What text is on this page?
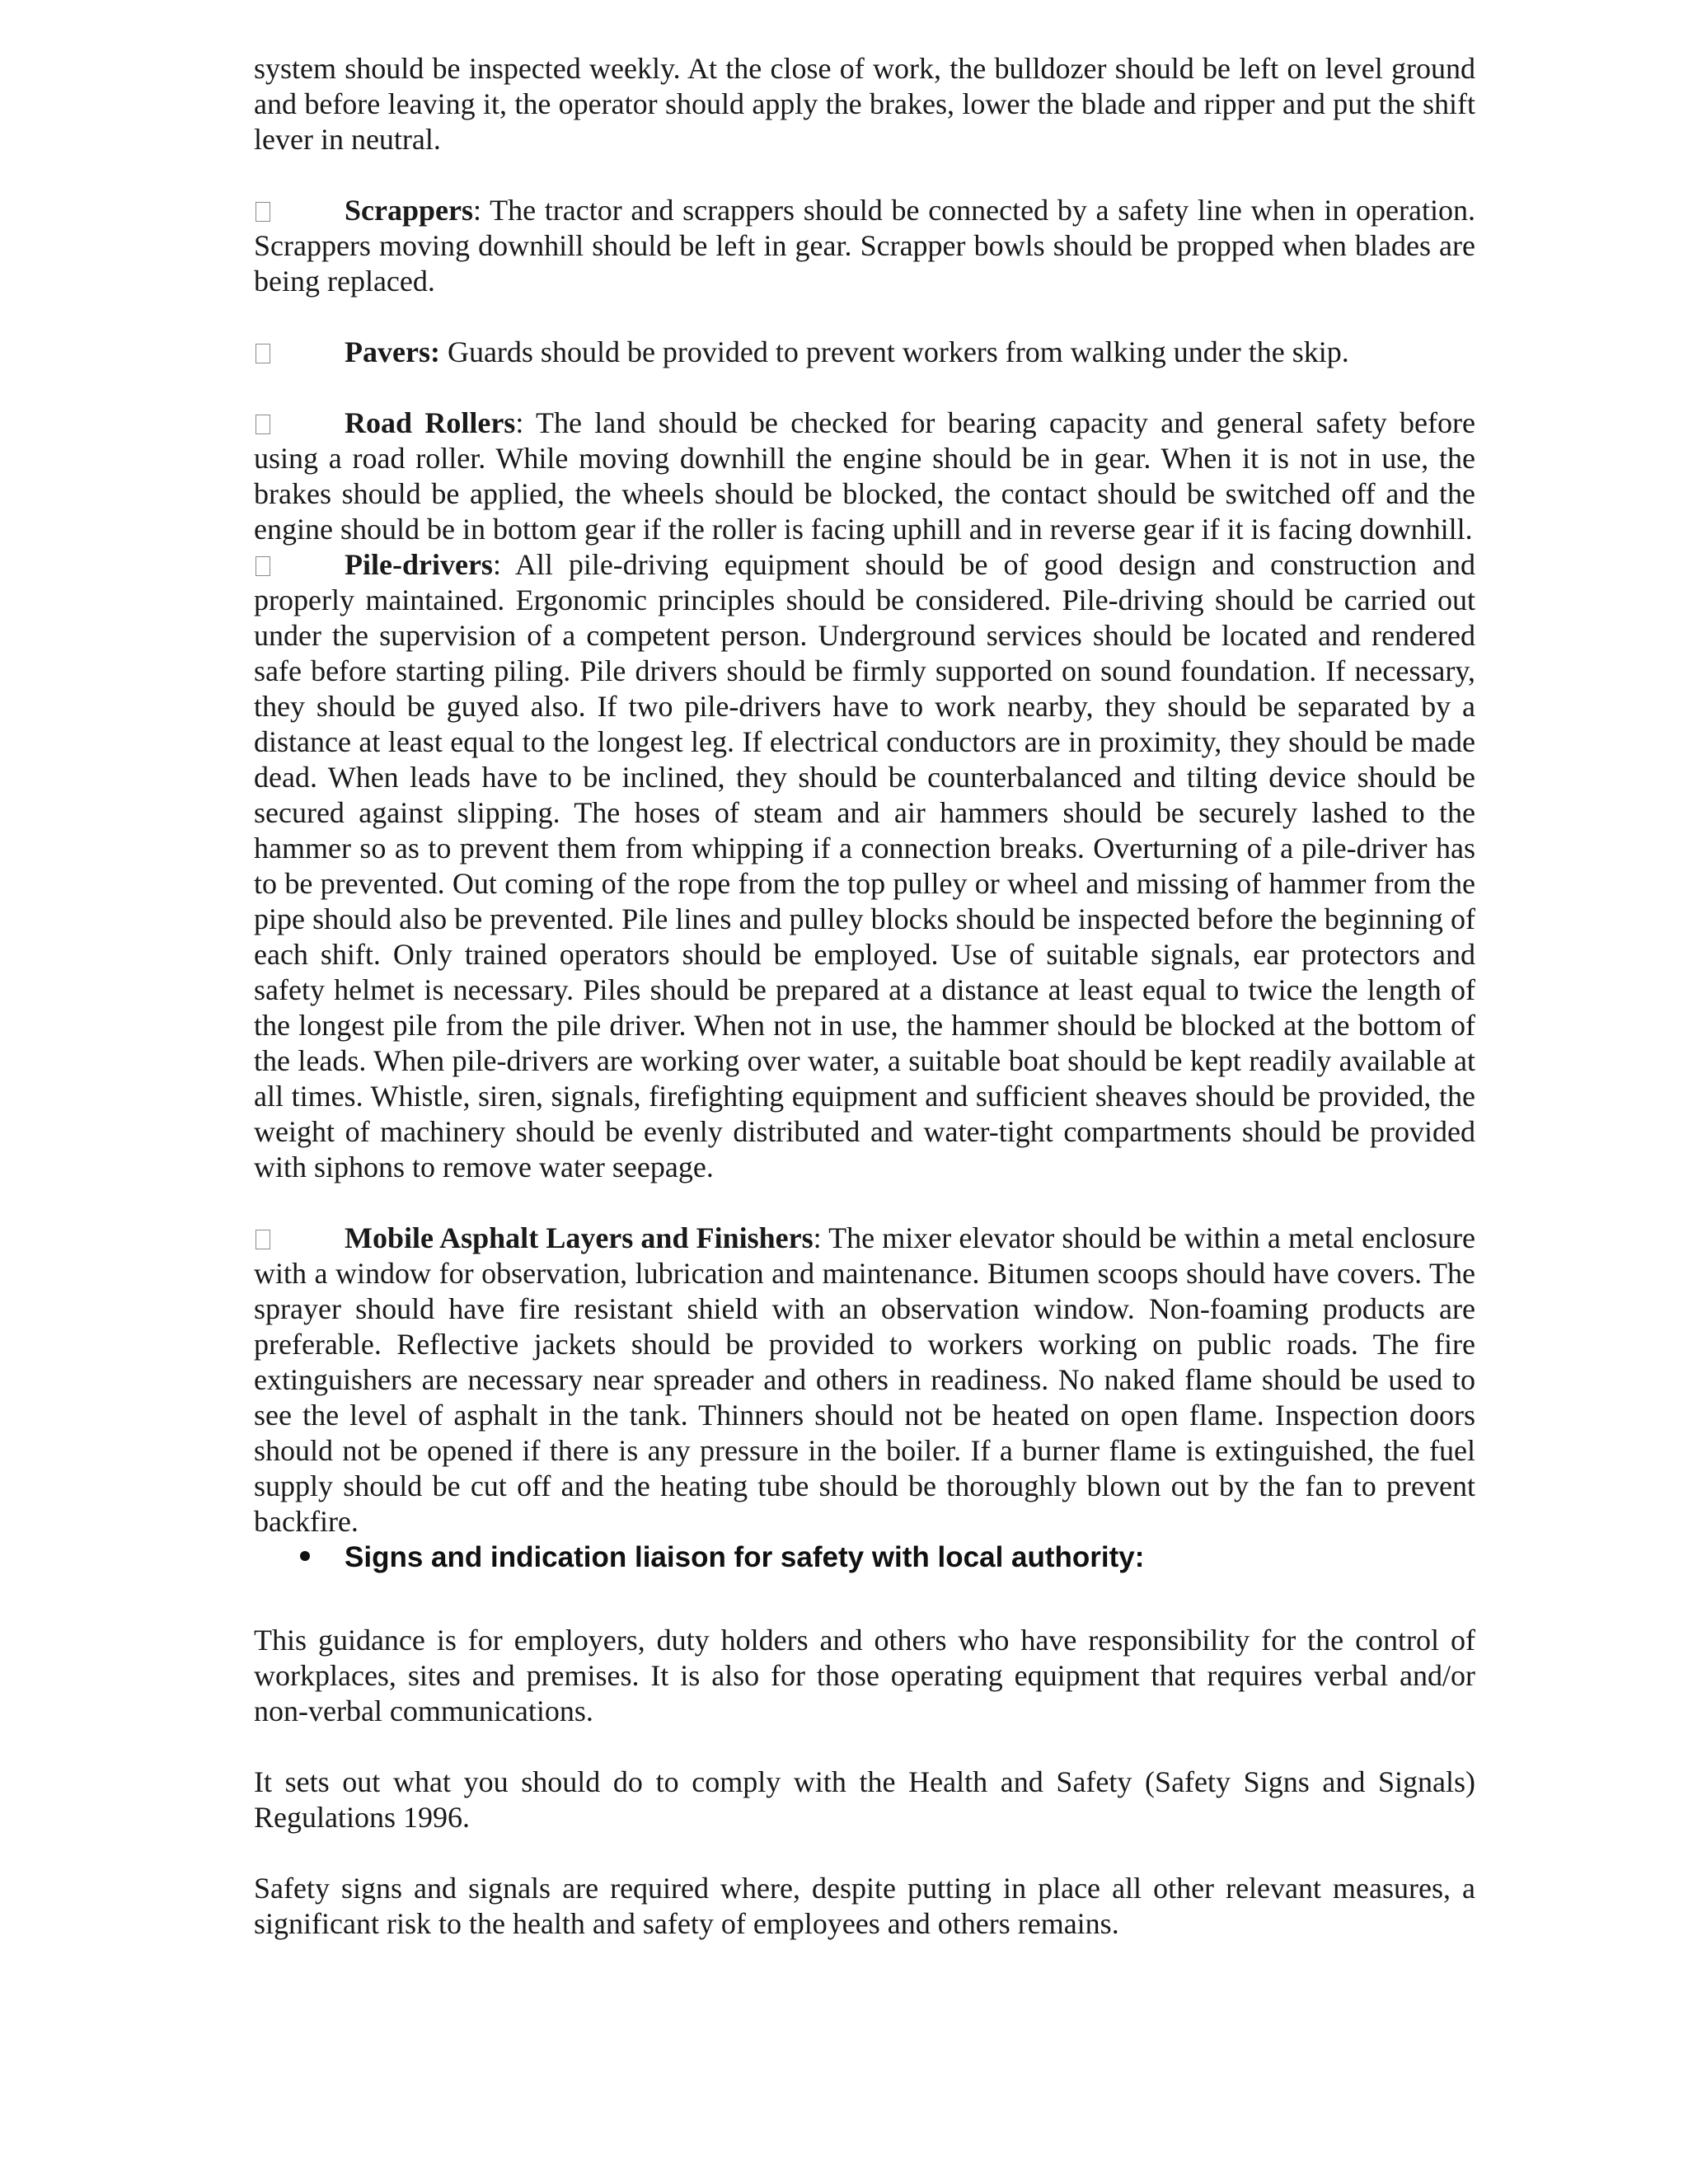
system should be inspected weekly. At the close of work, the bulldozer should be left on level ground and before leaving it, the operator should apply the brakes, lower the blade and ripper and put the shift lever in neutral.

Scrappers: The tractor and scrappers should be connected by a safety line when in operation. Scrappers moving downhill should be left in gear. Scrapper bowls should be propped when blades are being replaced.

Pavers: Guards should be provided to prevent workers from walking under the skip.

Road Rollers: The land should be checked for bearing capacity and general safety before using a road roller. While moving downhill the engine should be in gear. When it is not in use, the brakes should be applied, the wheels should be blocked, the contact should be switched off and the engine should be in bottom gear if the roller is facing uphill and in reverse gear if it is facing downhill.

Pile-drivers: All pile-driving equipment should be of good design and construction and properly maintained. Ergonomic principles should be considered. Pile-driving should be carried out under the supervision of a competent person. Underground services should be located and rendered safe before starting piling. Pile drivers should be firmly supported on sound foundation. If necessary, they should be guyed also. If two pile-drivers have to work nearby, they should be separated by a distance at least equal to the longest leg. If electrical conductors are in proximity, they should be made dead. When leads have to be inclined, they should be counterbalanced and tilting device should be secured against slipping. The hoses of steam and air hammers should be securely lashed to the hammer so as to prevent them from whipping if a connection breaks. Overturning of a pile-driver has to be prevented. Out coming of the rope from the top pulley or wheel and missing of hammer from the pipe should also be prevented. Pile lines and pulley blocks should be inspected before the beginning of each shift. Only trained operators should be employed. Use of suitable signals, ear protectors and safety helmet is necessary. Piles should be prepared at a distance at least equal to twice the length of the longest pile from the pile driver. When not in use, the hammer should be blocked at the bottom of the leads. When pile-drivers are working over water, a suitable boat should be kept readily available at all times. Whistle, siren, signals, firefighting equipment and sufficient sheaves should be provided, the weight of machinery should be evenly distributed and water-tight compartments should be provided with siphons to remove water seepage.

Mobile Asphalt Layers and Finishers: The mixer elevator should be within a metal enclosure with a window for observation, lubrication and maintenance. Bitumen scoops should have covers. The sprayer should have fire resistant shield with an observation window. Non-foaming products are preferable. Reflective jackets should be provided to workers working on public roads. The fire extinguishers are necessary near spreader and others in readiness. No naked flame should be used to see the level of asphalt in the tank. Thinners should not be heated on open flame. Inspection doors should not be opened if there is any pressure in the boiler. If a burner flame is extinguished, the fuel supply should be cut off and the heating tube should be thoroughly blown out by the fan to prevent backfire.

Signs and indication liaison for safety with local authority:

This guidance is for employers, duty holders and others who have responsibility for the control of workplaces, sites and premises. It is also for those operating equipment that requires verbal and/or non-verbal communications.

It sets out what you should do to comply with the Health and Safety (Safety Signs and Signals) Regulations 1996.

Safety signs and signals are required where, despite putting in place all other relevant measures, a significant risk to the health and safety of employees and others remains.
